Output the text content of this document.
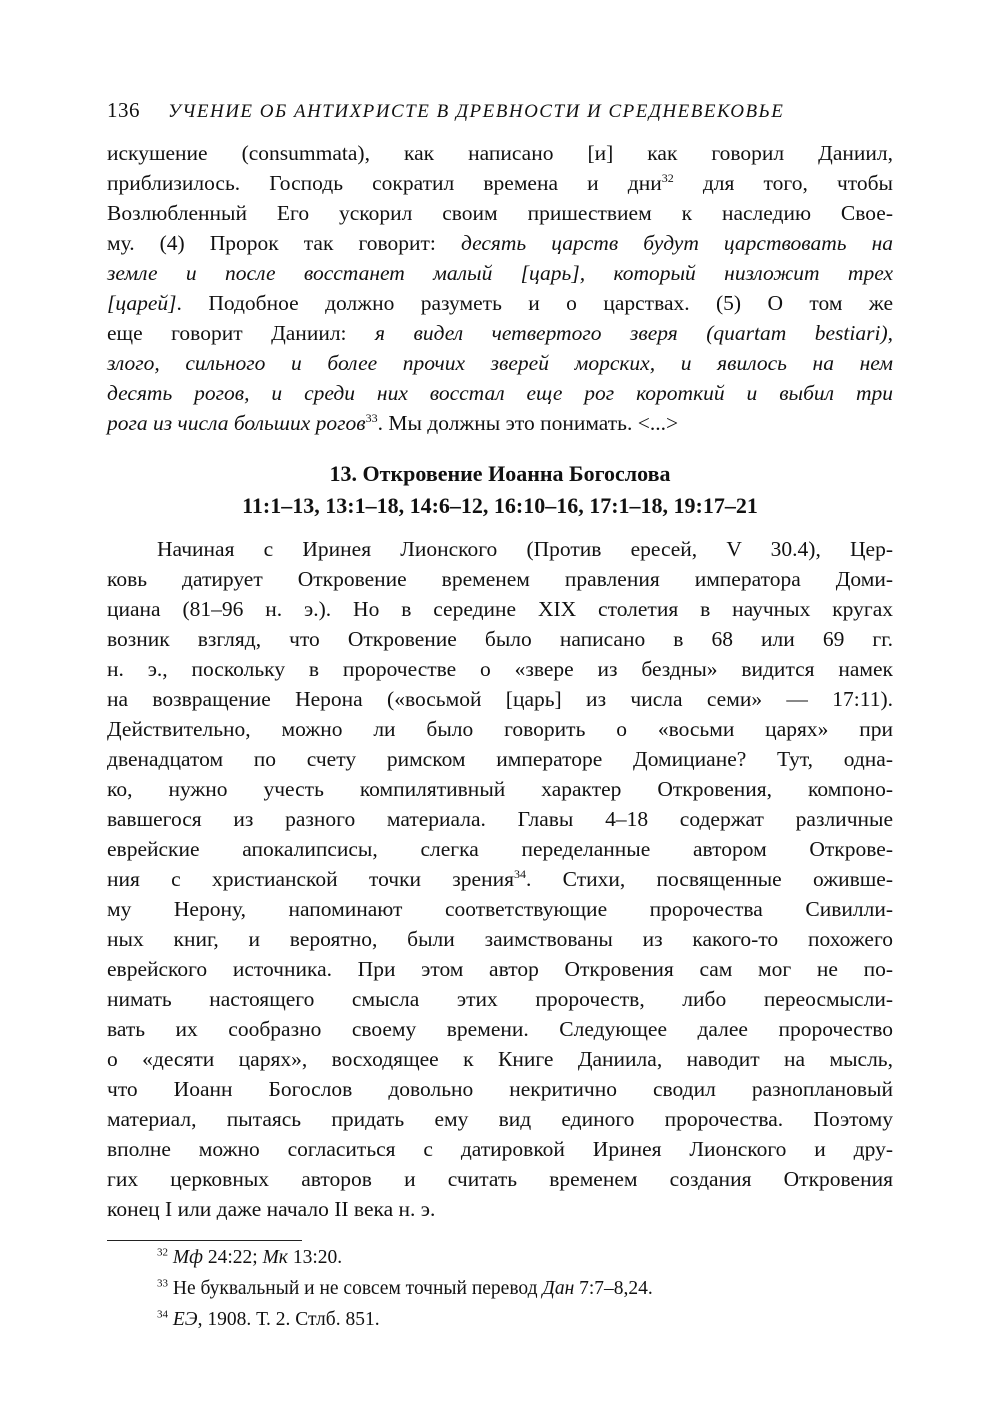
136 УЧЕНИЕ ОБ АНТИХРИСТЕ В ДРЕВНОСТИ И СРЕДНЕВЕКОВЬЕ
искушение (consummata), как написано [и] как говорил Даниил,
приблизилось. Господь сократил времена и дни$^{32}$ для того, чтобы
Возлюбленный Его ускорил своим пришествием к наследию Свое-
му. (4) Пророк так говорит: десять царств будут царствовать на
земле и после восстанет малый [царь], который низложит трех
[царей]. Подобное должно разуметь и о царствах. (5) О том же
еще говорит Даниил: я видел четвертого зверя (quartam bestiari),
злого, сильного и более прочих зверей морских, и явилось на нем
десять рогов, и среди них восстал еще рог короткий и выбил три
рога из числа больших рогов$^{33}$. Мы должны это понимать. <...>
13. Откровение Иоанна Богослова
11:1–13, 13:1–18, 14:6–12, 16:10–16, 17:1–18, 19:17–21
Начиная с Иринея Лионского (Против ересей, V 30.4), Цер-
ковь датирует Откровение временем правления императора Доми-
циана (81–96 н. э.). Но в середине XIX столетия в научных кругах
возник взгляд, что Откровение было написано в 68 или 69 гг.
н. э., поскольку в пророчестве о «звере из бездны» видится намек
на возвращение Нерона («восьмой [царь] из числа семи» — 17:11).
Действительно, можно ли было говорить о «восьми царях» при
двенадцатом по счету римском императоре Домициане? Тут, одна-
ко, нужно учесть компилятивный характер Откровения, компоно-
вавшегося из разного материала. Главы 4–18 содержат различные
еврейские апокалипсисы, слегка переделанные автором Открове-
ния с христианской точки зрения$^{34}$. Стихи, посвященные ожившe-
му Нерону, напоминают соответствующие пророчества Сивилли-
ных книг, и вероятно, были заимствованы из какого-то похожего
еврейского источника. При этом автор Откровения сам мог не по-
нимать настоящего смысла этих пророчеств, либо переосмысли-
вать их сообразно своему времени. Следующее далее пророчество
о «десяти царях», восходящее к Книге Даниила, наводит на мысль,
что Иоанн Богослов довольно некритично сводил разноплановый
материал, пытаясь придать ему вид единого пророчества. Поэтому
вполне можно согласиться с датировкой Иринея Лионского и дру-
гих церковных авторов и считать временем создания Откровения
конец I или даже начало II века н. э.
$^{32}$ Мф 24:22; Мк 13:20.
$^{33}$ Не буквальный и не совсем точный перевод Дан 7:7–8,24.
$^{34}$ ЕЭ, 1908. Т. 2. Стлб. 851.
